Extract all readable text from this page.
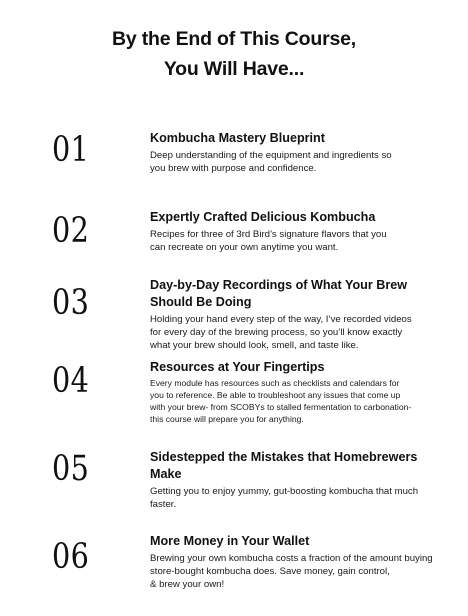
By the End of This Course,
You Will Have...
01	Kombucha Mastery Blueprint

Deep understanding of the equipment and ingredients so
you brew with purpose and confidence.

02	Expertly Crafted Delicious Kombucha

Recipes for three of 3rd Bird’s signature flavors that you
can recreate on your own anytime you want.

03	Day-by-Day Recordings of What Your Brew
Should Be Doing

Holding your hand every step of the way, I’ve recorded videos
for every day of the brewing process, so you’ll know exactly
what your brew should look, smell, and taste like.

04	Resources at Your Fingertips

Every module has resources such as checklists and calendars for
you to reference. Be able to troubleshoot any issues that come up
with your brew- from SCOBYs to stalled fermentation to carbonation-
this course will prepare you for anything.

05	Sidestepped the Mistakes that Homebrewers
Make

Getting you to enjoy yummy, gut-boosting kombucha that much
faster.

06	More Money in Your Wallet

Brewing your own kombucha costs a fraction of the amount buying
store-bought kombucha does. Save money, gain control,
& brew your own!
